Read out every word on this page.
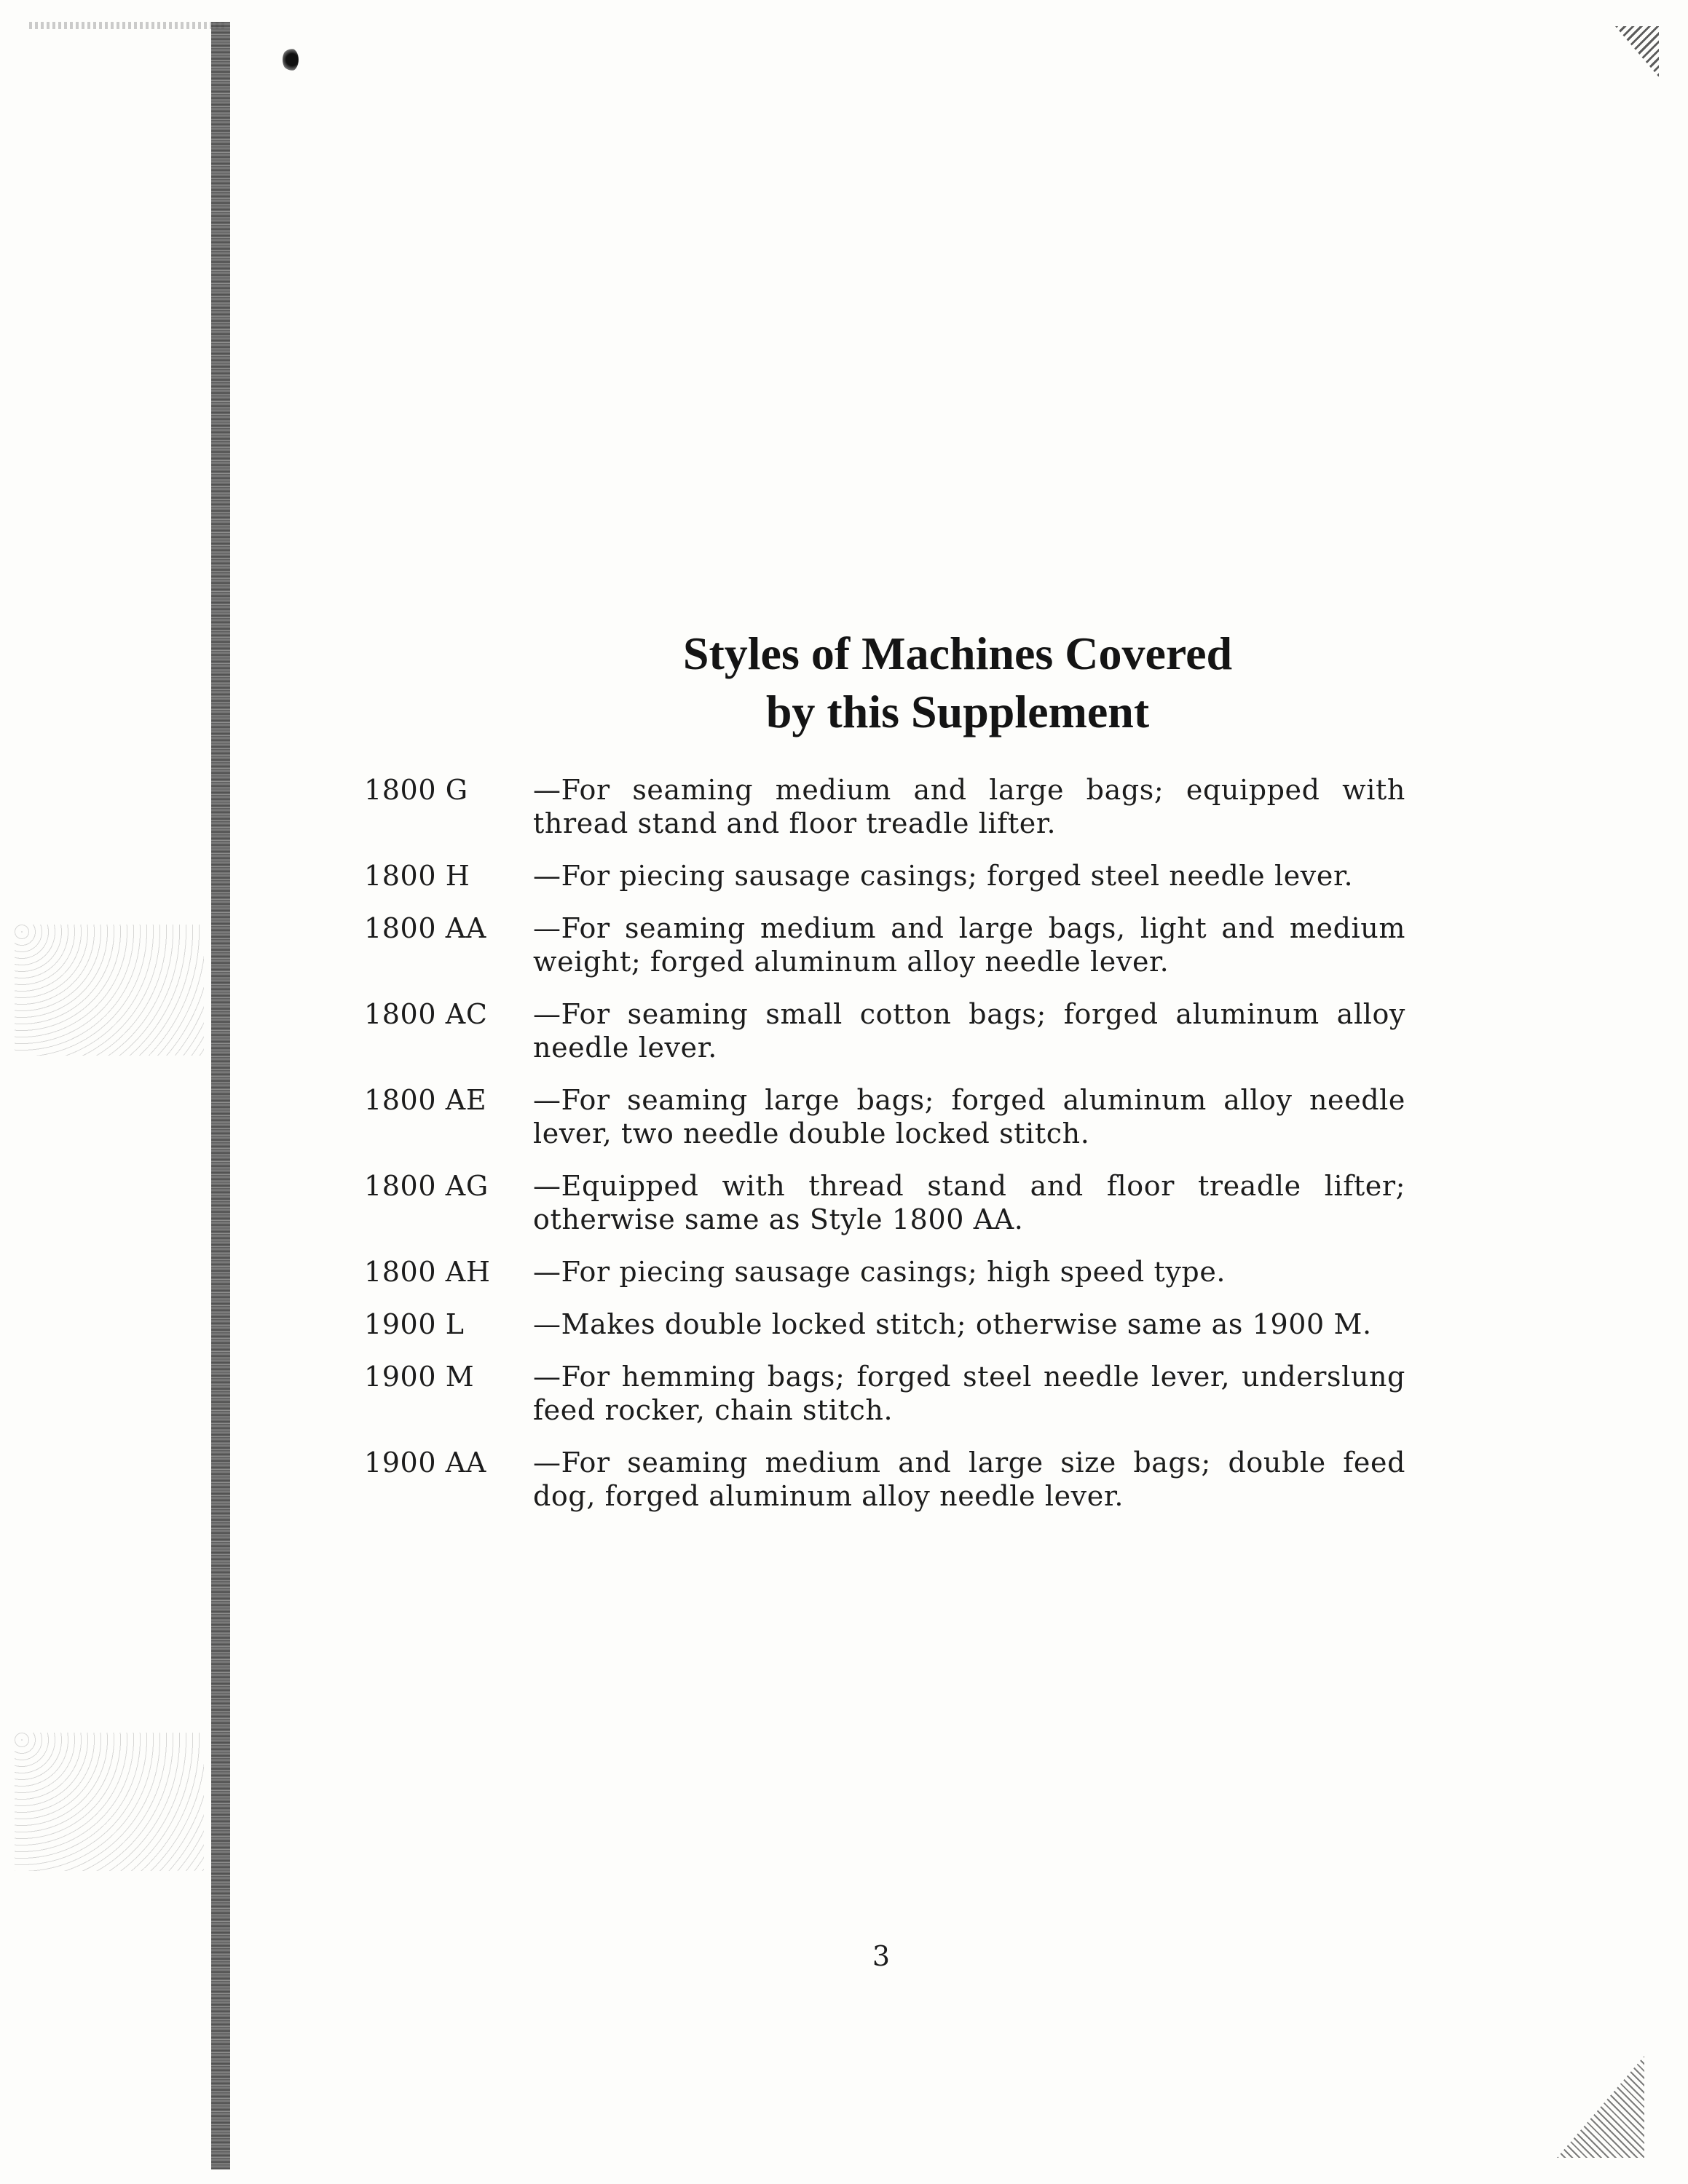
Styles of Machines Covered
by this Supplement
1800 G —For seaming medium and large bags; equipped with thread stand and floor treadle lifter.
1800 H —For piecing sausage casings; forged steel needle lever.
1800 AA —For seaming medium and large bags, light and medium weight; forged aluminum alloy needle lever.
1800 AC —For seaming small cotton bags; forged aluminum alloy needle lever.
1800 AE —For seaming large bags; forged aluminum alloy needle lever, two needle double locked stitch.
1800 AG —Equipped with thread stand and floor treadle lifter; otherwise same as Style 1800 AA.
1800 AH —For piecing sausage casings; high speed type.
1900 L —Makes double locked stitch; otherwise same as 1900 M.
1900 M —For hemming bags; forged steel needle lever, underslung feed rocker, chain stitch.
1900 AA —For seaming medium and large size bags; double feed dog, forged aluminum alloy needle lever.
3
